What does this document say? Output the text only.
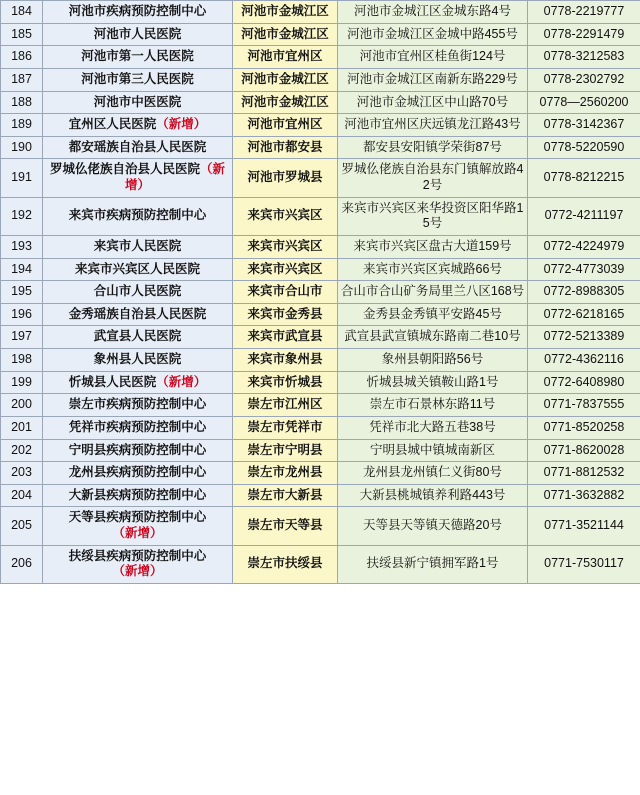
184	河池市疾病预防控制中心	河池市金城江区	河池市金城江区金城东路4号	0778-2219777
185	河池市人民医院	河池市金城江区	河池市金城江区金城中路455号	0778-2291479
186	河池市第一人民医院	河池市宜州区	河池市宜州区桂鱼街124号	0778-3212583
187	河池市第三人民医院	河池市金城江区	河池市金城江区南新东路229号	0778-2302792
188	河池市中医医院	河池市金城江区	河池市金城江区中山路70号	0778—2560200
189	宜州区人民医院（新增）	河池市宜州区	河池市宜州区庆远镇龙江路43号	0778-3142367
190	都安瑶族自治县人民医院	河池市都安县	都安县安阳镇学荣街87号	0778-5220590
191	罗城仫佬族自治县人民医院（新增）	河池市罗城县	罗城仫佬族自治县东门镇解放路42号	0778-8212215
192	来宾市疾病预防控制中心	来宾市兴宾区	来宾市兴宾区来华投资区阳华路15号	0772-4211197
193	来宾市人民医院	来宾市兴宾区	来宾市兴宾区盘古大道159号	0772-4224979
194	来宾市兴宾区人民医院	来宾市兴宾区	来宾市兴宾区宾城路66号	0772-4773039
195	合山市人民医院	来宾市合山市	合山市合山矿务局里兰八区168号	0772-8988305
196	金秀瑶族自治县人民医院	来宾市金秀县	金秀县金秀镇平安路45号	0772-6218165
197	武宣县人民医院	来宾市武宣县	武宣县武宣镇城东路南二巷10号	0772-5213389
198	象州县人民医院	来宾市象州县	象州县朝阳路56号	0772-4362116
199	忻城县人民医院（新增）	来宾市忻城县	忻城县城关镇鞍山路1号	0772-6408980
200	崇左市疾病预防控制中心	崇左市江州区	崇左市石景林东路11号	0771-7837555
201	凭祥市疾病预防控制中心	崇左市凭祥市	凭祥市北大路五巷38号	0771-8520258
202	宁明县疾病预防控制中心	崇左市宁明县	宁明县城中镇城南新区	0771-8620028
203	龙州县疾病预防控制中心	崇左市龙州县	龙州县龙州镇仁义街80号	0771-8812532
204	大新县疾病预防控制中心	崇左市大新县	大新县桃城镇养利路443号	0771-3632882
205	天等县疾病预防控制中心（新增）	崇左市天等县	天等县天等镇天德路20号	0771-3521144
206	扶绥县疾病预防控制中心（新增）	崇左市扶绥县	扶绥县新宁镇拥军路1号	0771-7530117
